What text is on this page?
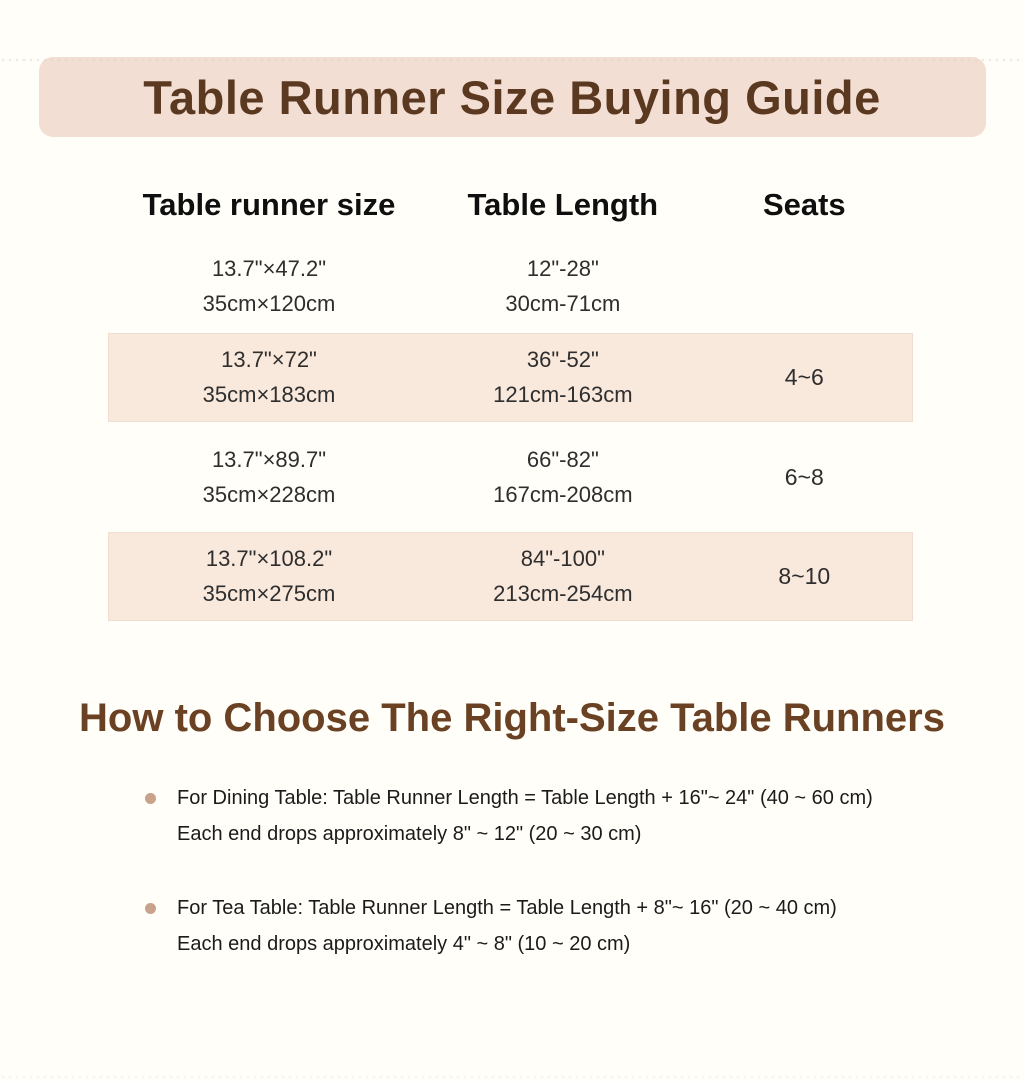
Table Runner Size Buying Guide
Table runner size	Table Length	Seats
13.7"×47.2"
35cm×120cm
12"-28"
30cm-71cm
13.7"×72"
35cm×183cm
36"-52"
121cm-163cm
4~6
13.7"×89.7"
35cm×228cm
66"-82"
167cm-208cm
6~8
13.7"×108.2"
35cm×275cm
84"-100"
213cm-254cm
8~10
How to Choose The Right-Size Table Runners

For Dining Table: Table Runner Length = Table Length + 16"~ 24" (40 ~ 60 cm)

Each end drops approximately 8" ~ 12" (20 ~ 30 cm)

For Tea Table: Table Runner Length = Table Length + 8"~ 16" (20 ~ 40 cm)

Each end drops approximately 4" ~ 8" (10 ~ 20 cm)
